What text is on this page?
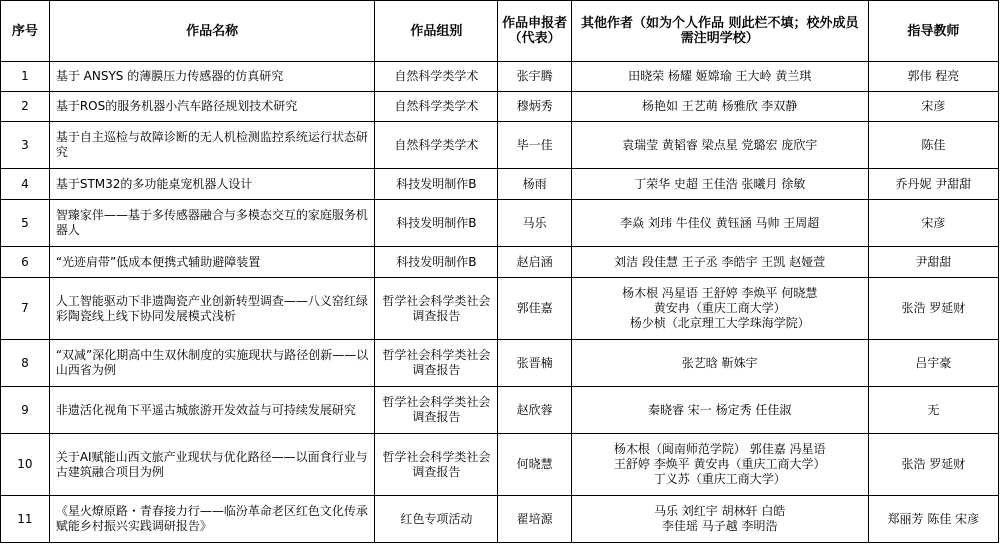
序号	作品名称	作品组别	作品申报者（代表）	其他作者（如为个人作品 则此栏不填；校外成员需注明学校）	指导教师
1	基于 ANSYS 的薄膜压力传感器的仿真研究	自然科学类学术	张宇腾	田晓荣 杨耀 姬嫦瑜 王大岭 黄兰琪	郭伟 程亮
2	基于ROS的服务机器小汽车路径规划技术研究	自然科学类学术	穆炳秀	杨艳如 王艺萌 杨雅欣 李双静	宋彦
3	基于自主巡检与故障诊断的无人机检测监控系统运行状态研究	自然科学类学术	毕一佳	袁瑞莹 黄韬睿 梁点星 党璐宏 庞欣宇	陈佳
4	基于STM32的多功能桌宠机器人设计	科技发明制作B	杨雨	丁荣华 史超 王佳浩 张曦月 徐敏	乔丹妮 尹甜甜
5	智臻家伴——基于多传感器融合与多模态交互的家庭服务机器人	科技发明制作B	马乐	李焱 刘玮 牛佳仪 黄钰涵 马帅 王周超	宋彦
6	“光迹肩带”低成本便携式辅助避障装置	科技发明制作B	赵启涵	刘洁 段佳慧 王子丞 李皓宇 王凯 赵娅萱	尹甜甜
7	人工智能驱动下非遗陶瓷产业创新转型调查——八义窑红绿彩陶瓷线上线下协同发展模式浅析	哲学社会科学类社会调查报告	郭佳嘉	杨木根 冯星语 王舒婷 李焕平 何晓慧
黄安冉（重庆工商大学）
杨少桢（北京理工大学珠海学院）	张浩 罗延财
8	“双减”深化期高中生双休制度的实施现状与路径创新——以山西省为例	哲学社会科学类社会调查报告	张晋楠	张艺晗 靳姝宇	吕宇豪
9	非遗活化视角下平遥古城旅游开发效益与可持续发展研究	哲学社会科学类社会调查报告	赵欣蓉	秦晓睿 宋一 杨定秀 任佳淑	无
10	关于AI赋能山西文旅产业现状与优化路径——以面食行业与古建筑融合项目为例	哲学社会科学类社会调查报告	何晓慧	杨木根（闽南师范学院） 郭佳嘉 冯星语
王舒婷 李焕平 黄安冉（重庆工商大学）
丁义苏（重庆工商大学）	张浩 罗延财
11	《星火燎原路・青春接力行——临汾革命老区红色文化传承赋能乡村振兴实践调研报告》	红色专项活动	翟培源	马乐 刘红宇 胡林轩 白皓
李佳瑶 马子越 李明浩	郑丽芳 陈佳 宋彦
